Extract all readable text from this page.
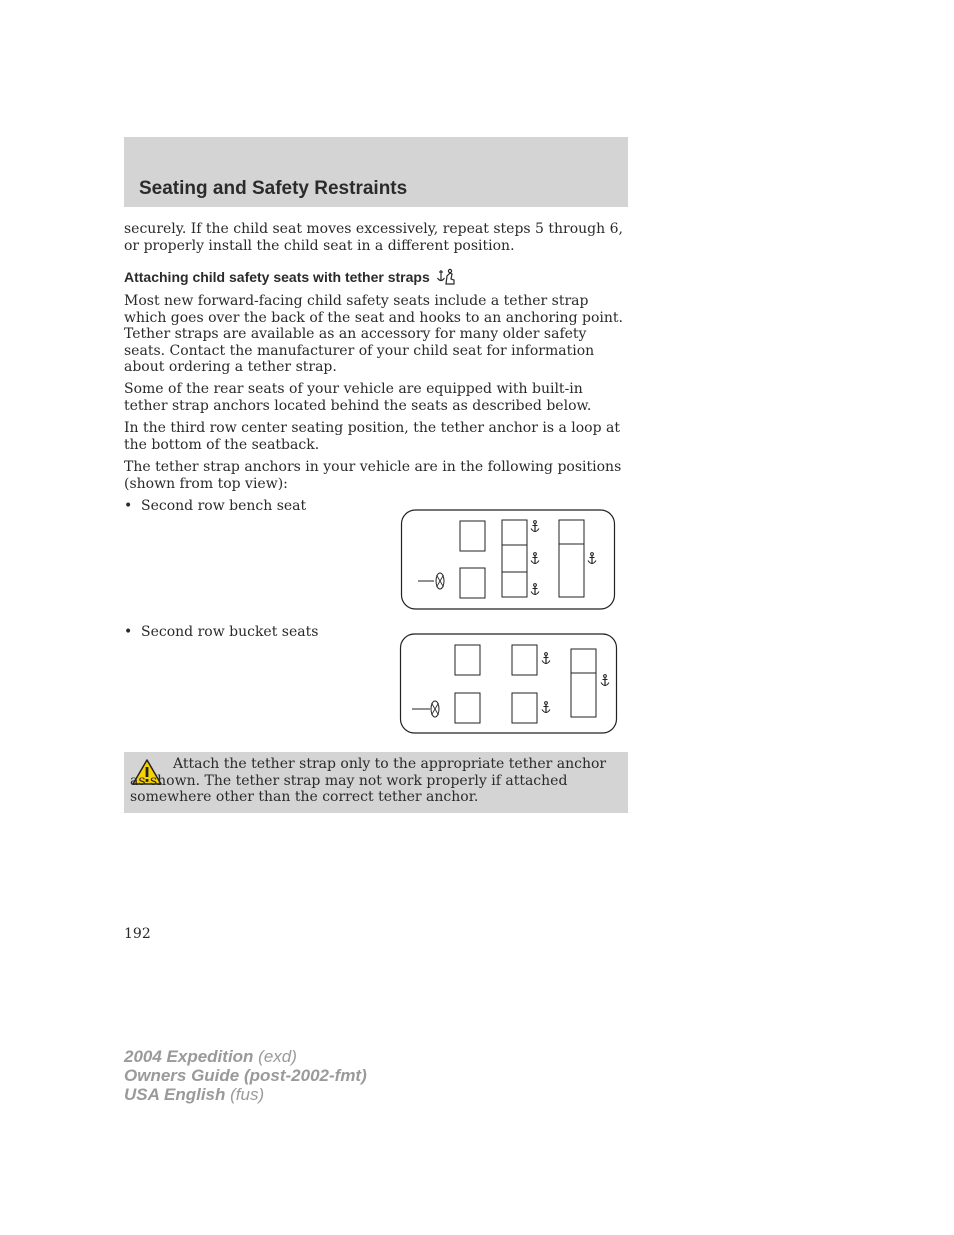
Seating and Safety Restraints

securely. If the child seat moves excessively, repeat steps 5 through 6, or properly install the child seat in a different position.

Attaching child safety seats with tether straps

Most new forward-facing child safety seats include a tether strap which goes over the back of the seat and hooks to an anchoring point. Tether straps are available as an accessory for many older safety seats. Contact the manufacturer of your child seat for information about ordering a tether strap.

Some of the rear seats of your vehicle are equipped with built-in tether strap anchors located behind the seats as described below.

In the third row center seating position, the tether anchor is a loop at the bottom of the seatback.

The tether strap anchors in your vehicle are in the following positions (shown from top view):

• Second row bench seat
• Second row bucket seats

Attach the tether strap only to the appropriate tether anchor as shown. The tether strap may not work properly if attached somewhere other than the correct tether anchor.

192

2004 Expedition (exd)
Owners Guide (post-2002-fmt)
USA English (fus)
